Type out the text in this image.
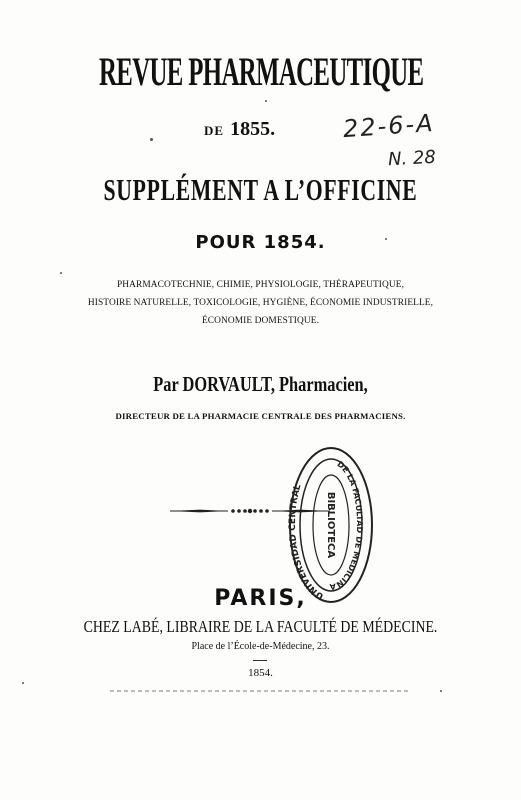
REVUE PHARMACEUTIQUE
DE 1855.	22-6-A
N. 28
SUPPLÉMENT A L’OFFICINE
POUR 1854.
PHARMACOTECHNIE, CHIMIE, PHYSIOLOGIE, THÉRAPEUTIQUE,
HISTOIRE NATURELLE, TOXICOLOGIE, HYGIÈNE, ÉCONOMIE INDUSTRIELLE,
ÉCONOMIE DOMESTIQUE.
Par DORVAULT, Pharmacien,
DIRECTEUR DE LA PHARMACIE CENTRALE DES PHARMACIENS.
UNIVERSIDAD CENTRAL
DE LA FACULTAD DE MEDICINA
BIBLIOTECA
PARIS,
CHEZ LABÉ, LIBRAIRE DE LA FACULTÉ DE MÉDECINE.
Place de l’École-de-Médecine, 23.
1854.
